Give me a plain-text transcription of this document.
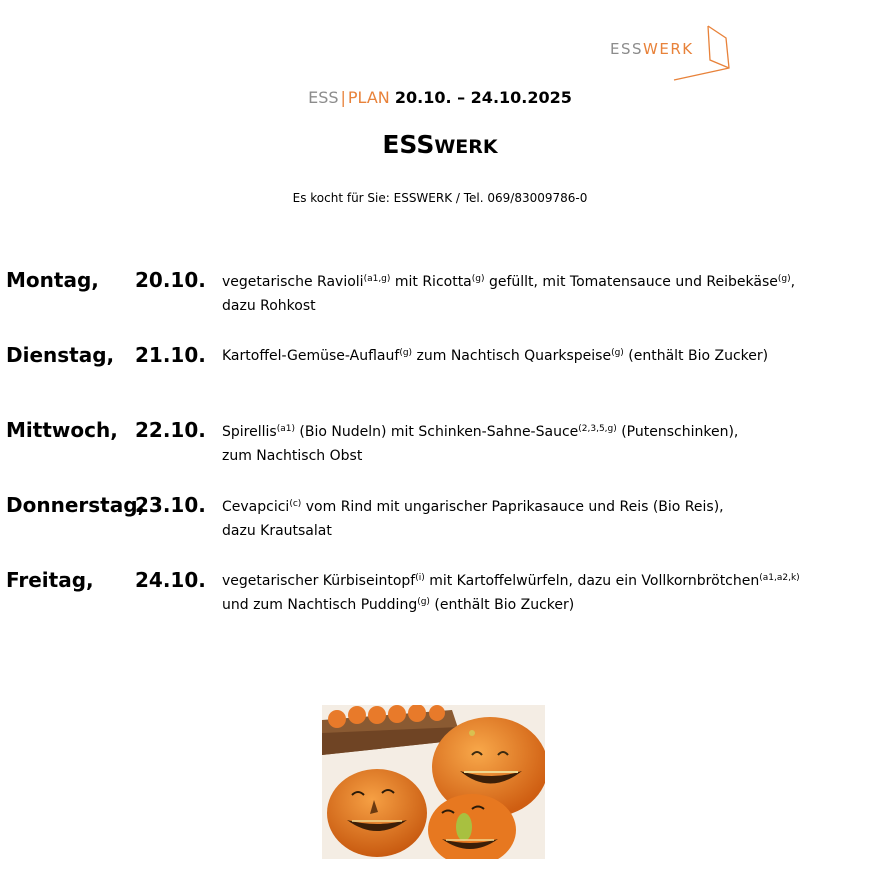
ESSWERK
ESS | PLAN 20.10. – 24.10.2025
ESSWERK
Es kocht für Sie: ESSWERK / Tel. 069/83009786-0
Montag, 20.10. vegetarische Ravioli$^{(a1,g)}$ mit Ricotta$^{(g)}$ gefüllt, mit Tomatensauce und Reibekäse$^{(g)}$,
dazu Rohkost
Dienstag, 21.10. Kartoffel-Gemüse-Auflauf$^{(g)}$ zum Nachtisch Quarkspeise$^{(g)}$ (enthält Bio Zucker)
Mittwoch, 22.10. Spirellis$^{(a1)}$ (Bio Nudeln) mit Schinken-Sahne-Sauce$^{(2,3,5,g)}$ (Putenschinken),
zum Nachtisch Obst
Donnerstag,
23.10. Cevapcici$^{(c)}$ vom Rind mit ungarischer Paprikasauce und Reis (Bio Reis),
dazu Krautsalat
Freitag, 24.10. vegetarischer Kürbiseintopf$^{(i)}$ mit Kartoffelwürfeln, dazu ein Vollkornbrötchen$^{(a1,a2,k)}$
und zum Nachtisch Pudding$^{(g)}$ (enthält Bio Zucker)
